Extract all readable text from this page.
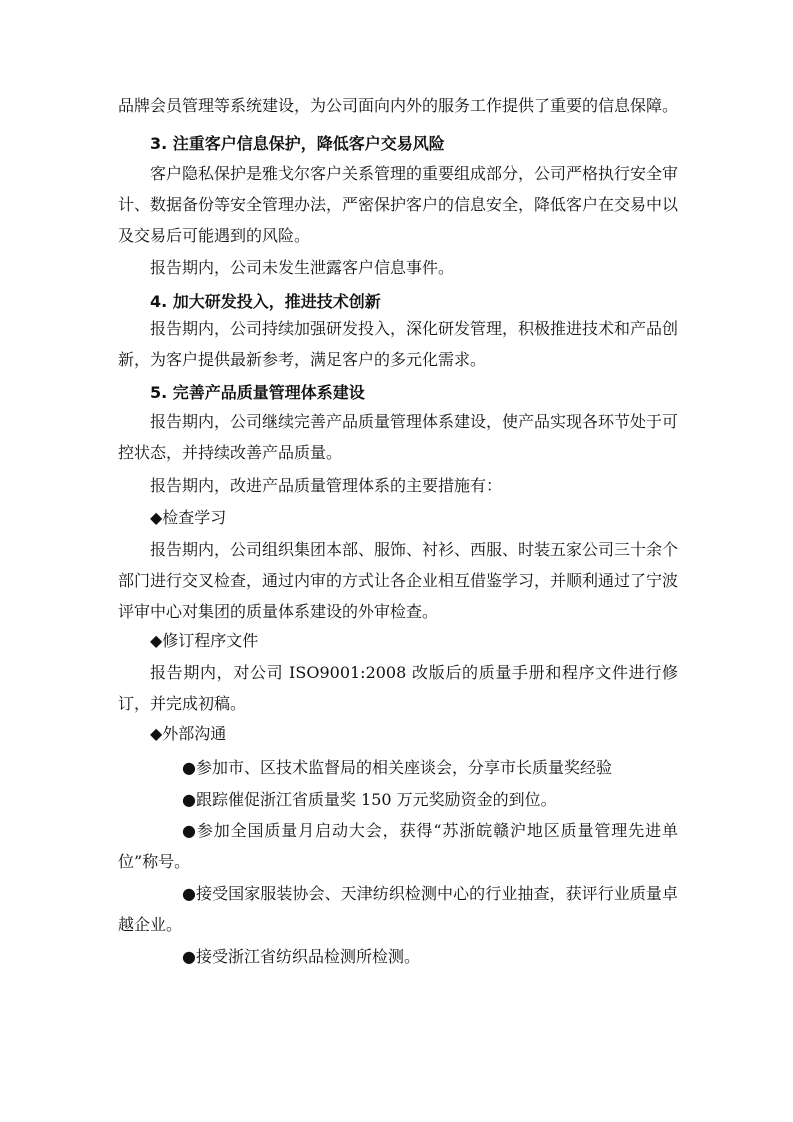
品牌会员管理等系统建设，为公司面向内外的服务工作提供了重要的信息保障。

3. 注重客户信息保护，降低客户交易风险

客户隐私保护是雅戈尔客户关系管理的重要组成部分，公司严格执行安全审计、数据备份等安全管理办法，严密保护客户的信息安全，降低客户在交易中以及交易后可能遇到的风险。

报告期内，公司未发生泄露客户信息事件。

4. 加大研发投入，推进技术创新

报告期内，公司持续加强研发投入，深化研发管理，积极推进技术和产品创新，为客户提供最新参考，满足客户的多元化需求。

5. 完善产品质量管理体系建设

报告期内，公司继续完善产品质量管理体系建设，使产品实现各环节处于可控状态，并持续改善产品质量。

报告期内，改进产品质量管理体系的主要措施有：

◆检查学习

报告期内，公司组织集团本部、服饰、衬衫、西服、时装五家公司三十余个部门进行交叉检查，通过内审的方式让各企业相互借鉴学习，并顺利通过了宁波评审中心对集团的质量体系建设的外审检查。

◆修订程序文件

报告期内，对公司 ISO9001:2008 改版后的质量手册和程序文件进行修订，并完成初稿。

◆外部沟通

●参加市、区技术监督局的相关座谈会，分享市长质量奖经验

●跟踪催促浙江省质量奖 150 万元奖励资金的到位。

●参加全国质量月启动大会，获得“苏浙皖赣沪地区质量管理先进单位”称号。

●接受国家服装协会、天津纺织检测中心的行业抽查，获评行业质量卓越企业。

●接受浙江省纺织品检测所检测。
